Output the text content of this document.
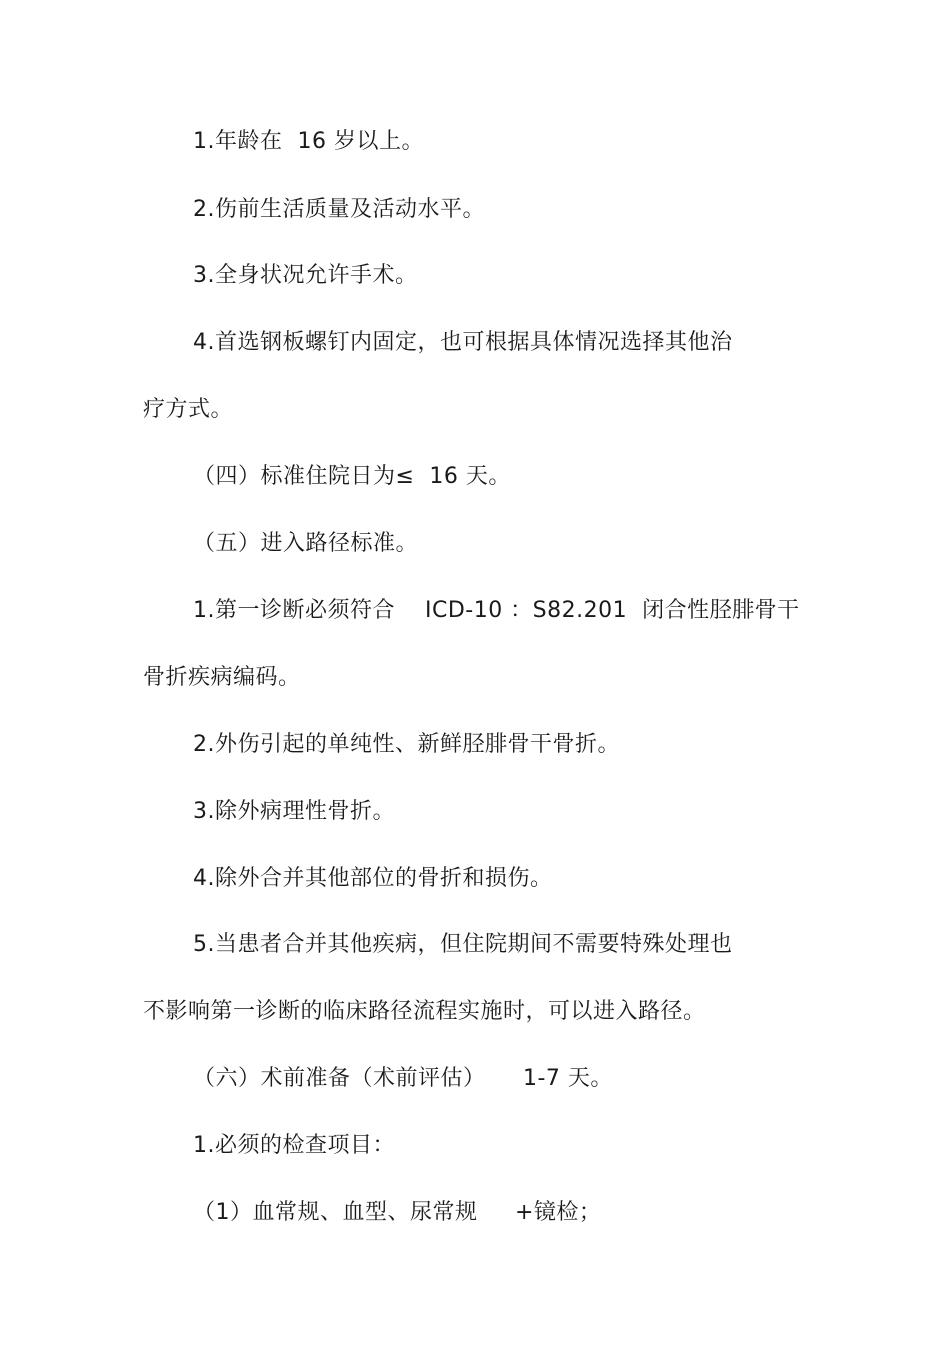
1.年龄在  16 岁以上。
2.伤前生活质量及活动水平。
3.全身状况允许手术。
4.首选钢板螺钉内固定，也可根据具体情况选择其他治
疗方式。
（四）标准住院日为≤  16 天。
（五）进入路径标准。
1.第一诊断必须符合    ICD-10 ：S82.201  闭合性胫腓骨干
骨折疾病编码。
2.外伤引起的单纯性、新鲜胫腓骨干骨折。
3.除外病理性骨折。
4.除外合并其他部位的骨折和损伤。
5.当患者合并其他疾病，但住院期间不需要特殊处理也
不影响第一诊断的临床路径流程实施时，可以进入路径。
（六）术前准备（术前评估）     1-7 天。
1.必须的检查项目：
（1）血常规、血型、尿常规     +镜检；
